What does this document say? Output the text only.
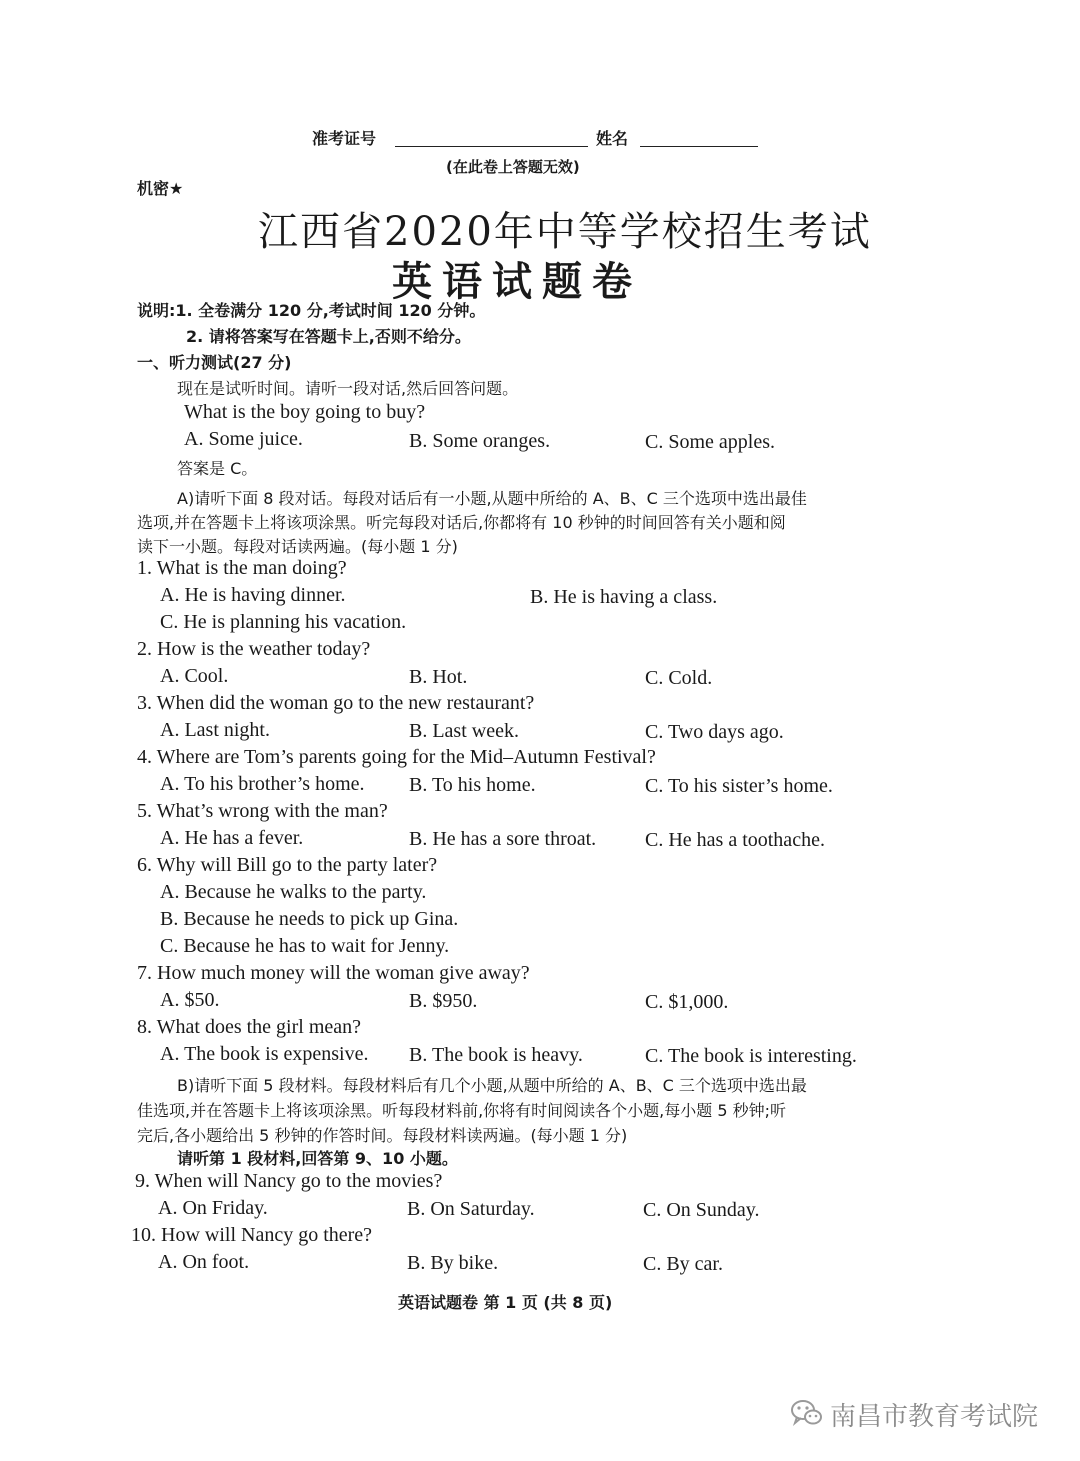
准考证号	姓名
(在此卷上答题无效)
机密★
江西省2020年中等学校招生考试
英语试题卷
说明:1. 全卷满分 120 分,考试时间 120 分钟。
2. 请将答案写在答题卡上,否则不给分。
一、听力测试(27 分)
现在是试听时间。请听一段对话,然后回答问题。
What is the boy going to buy?
A. Some juice.	B. Some oranges.	C. Some apples.
答案是 C。
A)请听下面 8 段对话。每段对话后有一小题,从题中所给的 A、B、C 三个选项中选出最佳
选项,并在答题卡上将该项涂黑。听完每段对话后,你都将有 10 秒钟的时间回答有关小题和阅
读下一小题。每段对话读两遍。(每小题 1 分)
1. What is the man doing?
A. He is having dinner.	B. He is having a class.
C. He is planning his vacation.
2. How is the weather today?
A. Cool.	B. Hot.	C. Cold.
3. When did the woman go to the new restaurant?
A. Last night.	B. Last week.	C. Two days ago.
4. Where are Tom’s parents going for the Mid–Autumn Festival?
A. To his brother’s home. B. To his home.	C. To his sister’s home.
5. What’s wrong with the man?
A. He has a fever.	B. He has a sore throat. C. He has a toothache.
6. Why will Bill go to the party later?
A. Because he walks to the party.
B. Because he needs to pick up Gina.
C. Because he has to wait for Jenny.
7. How much money will the woman give away?
A. $50.	B. $950.	C. $1,000.
8. What does the girl mean?
A. The book is expensive. B. The book is heavy.	C. The book is interesting.
B)请听下面 5 段材料。每段材料后有几个小题,从题中所给的 A、B、C 三个选项中选出最
佳选项,并在答题卡上将该项涂黑。听每段材料前,你将有时间阅读各个小题,每小题 5 秒钟;听
完后,各小题给出 5 秒钟的作答时间。每段材料读两遍。(每小题 1 分)
请听第 1 段材料,回答第 9、10 小题。
9. When will Nancy go to the movies?
A. On Friday.	B. On Saturday.	C. On Sunday.
10. How will Nancy go there?
A. On foot.	B. By bike.	C. By car.
英语试题卷 第 1 页 (共 8 页)
南昌市教育考试院
